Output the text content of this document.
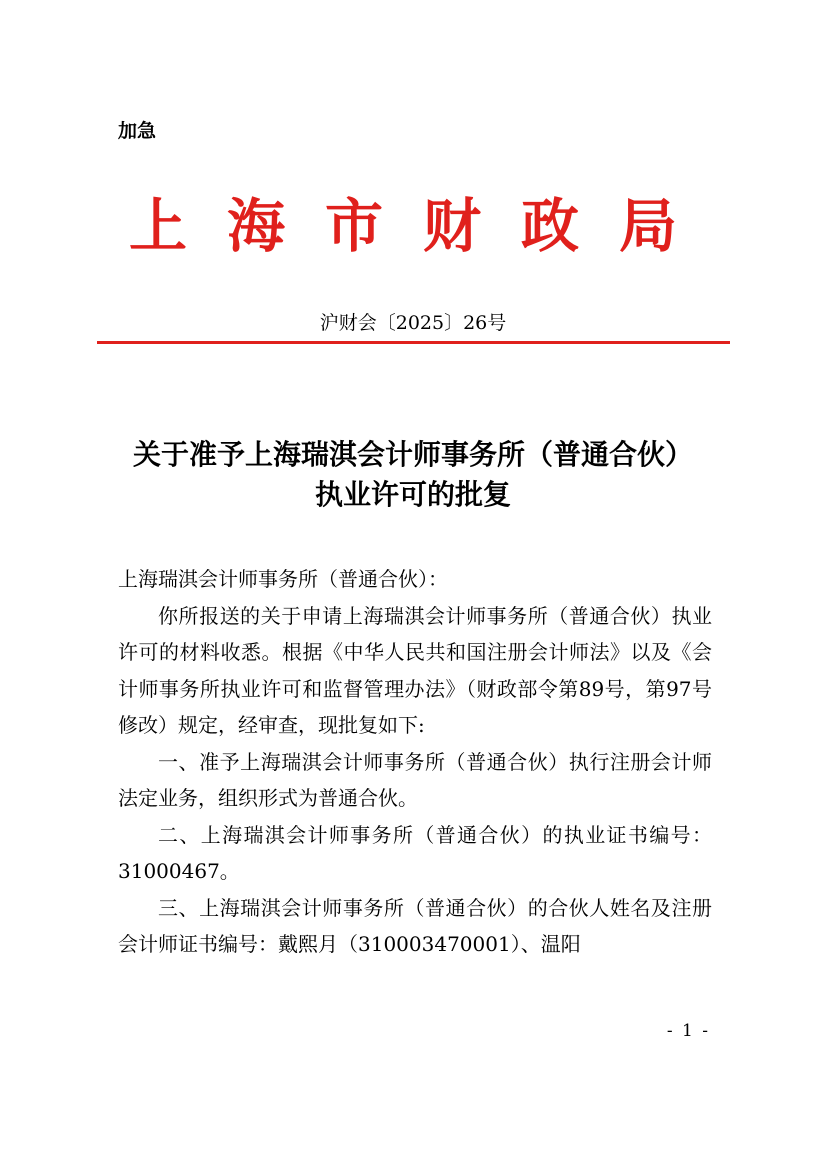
加急
上海市财政局
沪财会〔2025〕26号
关于准予上海瑞淇会计师事务所（普通合伙）
执业许可的批复

上海瑞淇会计师事务所（普通合伙）：

你所报送的关于申请上海瑞淇会计师事务所（普通合伙）执业许可的材料收悉。根据《中华人民共和国注册会计师法》以及《会计师事务所执业许可和监督管理办法》（财政部令第89号，第97号修改）规定，经审查，现批复如下:

一、准予上海瑞淇会计师事务所（普通合伙）执行注册会计师法定业务，组织形式为普通合伙。

二、上海瑞淇会计师事务所（普通合伙）的执业证书编号：31000467。

三、上海瑞淇会计师事务所（普通合伙）的合伙人姓名及注册会计师证书编号：戴熙月（310003470001）、温阳

- 1 -
